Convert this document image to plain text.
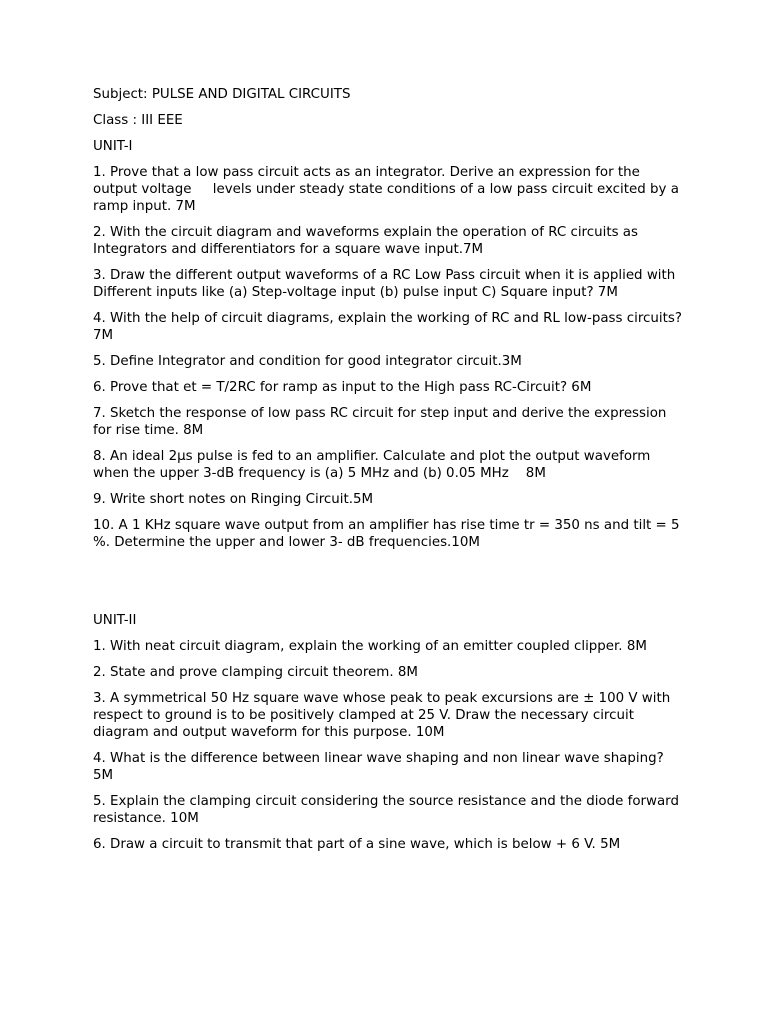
Subject: PULSE AND DIGITAL CIRCUITS

Class : III EEE

UNIT-I

1. Prove that a low pass circuit acts as an integrator. Derive an expression for the output voltage     levels under steady state conditions of a low pass circuit excited by a ramp input. 7M

2. With the circuit diagram and waveforms explain the operation of RC circuits as Integrators and differentiators for a square wave input.7M

3. Draw the different output waveforms of a RC Low Pass circuit when it is applied with Different inputs like (a) Step-voltage input (b) pulse input C) Square input? 7M

4. With the help of circuit diagrams, explain the working of RC and RL low-pass circuits? 7M

5. Define Integrator and condition for good integrator circuit.3M

6. Prove that et = T/2RC for ramp as input to the High pass RC-Circuit? 6M

7. Sketch the response of low pass RC circuit for step input and derive the expression for rise time. 8M

8. An ideal 2µs pulse is fed to an amplifier. Calculate and plot the output waveform when the upper 3-dB frequency is (a) 5 MHz and (b) 0.05 MHz    8M

9. Write short notes on Ringing Circuit.5M

10. A 1 KHz square wave output from an amplifier has rise time tr = 350 ns and tilt = 5 %. Determine the upper and lower 3- dB frequencies.10M

UNIT-II

1. With neat circuit diagram, explain the working of an emitter coupled clipper. 8M

2. State and prove clamping circuit theorem. 8M

3. A symmetrical 50 Hz square wave whose peak to peak excursions are ± 100 V with respect to ground is to be positively clamped at 25 V. Draw the necessary circuit diagram and output waveform for this purpose. 10M

4. What is the difference between linear wave shaping and non linear wave shaping? 5M

5. Explain the clamping circuit considering the source resistance and the diode forward resistance. 10M

6. Draw a circuit to transmit that part of a sine wave, which is below + 6 V. 5M
